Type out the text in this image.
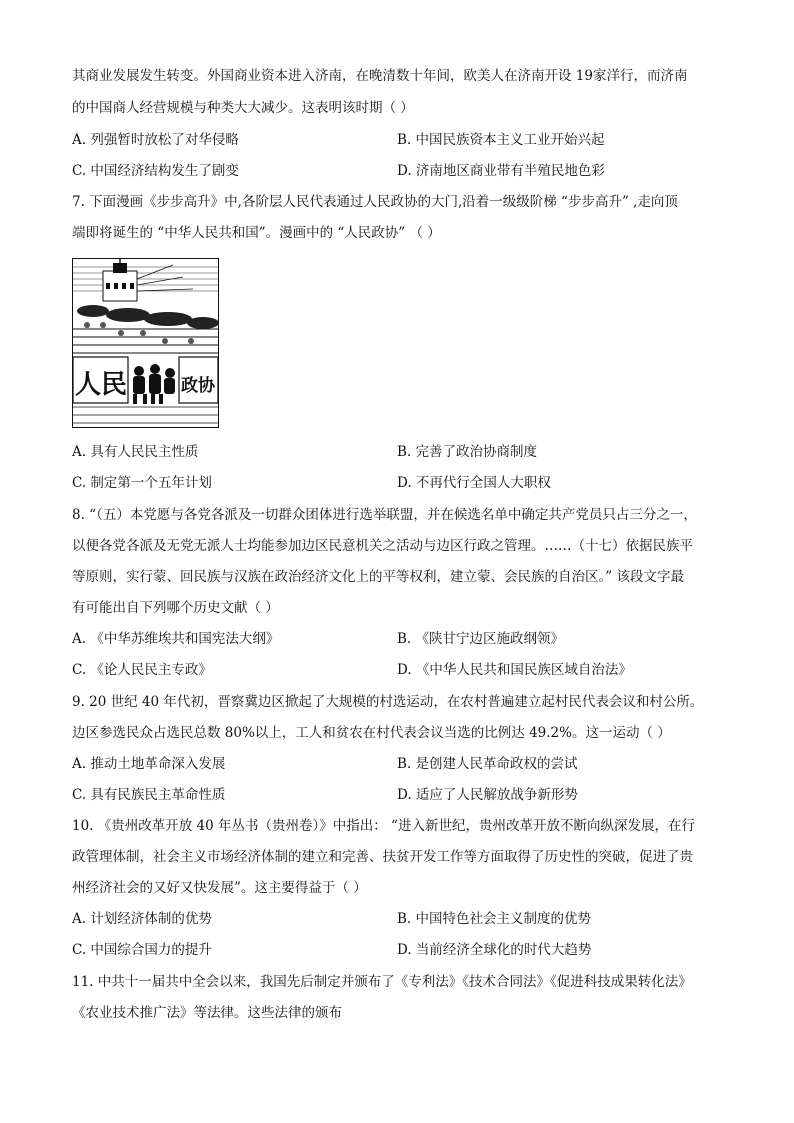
其商业发展发生转变。外国商业资本进入济南，在晚清数十年间，欧美人在济南开设 19家洋行，而济南
的中国商人经营规模与种类大大减少。这表明该时期（ ）
A. 列强暂时放松了对华侵略	B. 中国民族资本主义工业开始兴起
C. 中国经济结构发生了剧变	D. 济南地区商业带有半殖民地色彩
7. 下面漫画《步步高升》中,各阶层人民代表通过人民政协的大门,沿着一级级阶梯 “步步高升” ,走向顶
端即将诞生的 “中华人民共和国”。漫画中的 “人民政协” （ ）
人民	政协
A. 具有人民民主性质	B. 完善了政治协商制度
C. 制定第一个五年计划	D. 不再代行全国人大职权
8. “（五）本党愿与各党各派及一切群众团体进行选举联盟，并在候选名单中确定共产党员只占三分之一，
以便各党各派及无党无派人士均能参加边区民意机关之活动与边区行政之管理。……（十七）依据民族平
等原则，实行蒙、回民族与汉族在政治经济文化上的平等权利，建立蒙、会民族的自治区。” 该段文字最
有可能出自下列哪个历史文献（ ）
A. 《中华苏维埃共和国宪法大纲》	B. 《陕甘宁边区施政纲领》
C. 《论人民民主专政》	D. 《中华人民共和国民族区域自治法》
9. 20 世纪 40 年代初，晋察冀边区掀起了大规模的村选运动，在农村普遍建立起村民代表会议和村公所。
边区参选民众占选民总数 80%以上，工人和贫农在村代表会议当选的比例达 49.2%。这一运动（ ）
A. 推动土地革命深入发展	B. 是创建人民革命政权的尝试
C. 具有民族民主革命性质	D. 适应了人民解放战争新形势
10. 《贵州改革开放 40 年丛书（贵州卷）》中指出： “进入新世纪，贵州改革开放不断向纵深发展，在行
政管理体制，社会主义市场经济体制的建立和完善、扶贫开发工作等方面取得了历史性的突破，促进了贵
州经济社会的又好又快发展”。这主要得益于（ ）
A. 计划经济体制的优势	B. 中国特色社会主义制度的优势
C. 中国综合国力的提升	D. 当前经济全球化的时代大趋势
11. 中共十一届共中全会以来，我国先后制定并颁布了《专利法》《技术合同法》《促进科技成果转化法》
《农业技术推广法》等法律。这些法律的颁布
